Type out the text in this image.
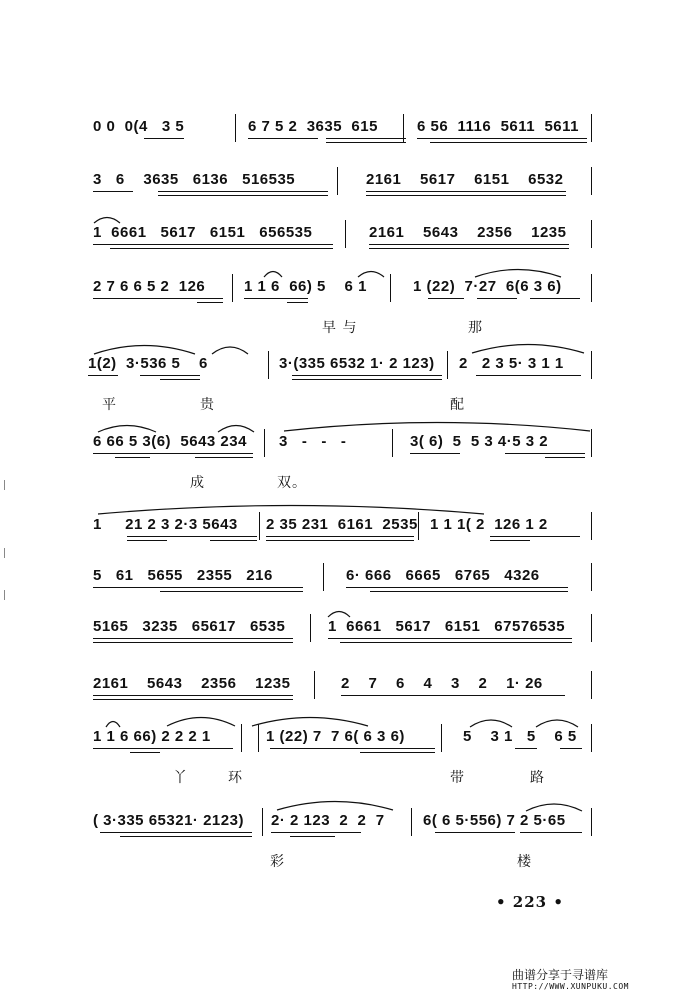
0 0  0(4   3 5	6 7 5 2  3635  615	6 56  1116  5611  5611
3   6    3635   6136   516535	2161    5617    6151    6532
1  6661   5617   6151   656535	2161    5643    2356    1235
2 7 6 6 5 2  126	1 1 6  66) 5    6 1	1 (22)  7·27  6(6 3 6)
早 与	那
1(2)  3·536 5    6	3·(335 6532 1· 2 123) 2   2 3 5· 3 1 1
平	贵	配
6 66 5 3(6)  5643 234 3   -   -   -	3( 6)  5  5 3 4·5 3 2
成	双。
1     21 2 3 2·3 5643 2 35 231  6161  2535 1 1 1( 2  126 1 2
5   61   5655   2355   216	6· 666   6665   6765   4326
5165   3235   65617   6535	1  6661   5617   6151   67576535
2161    5643    2356    1235	2    7    6    4    3    2    1· 26
1 1 6 66) 2 2 2 1	1 (22) 7  7 6( 6 3 6)	5    3 1   5    6 5
丫	环	带	路
( 3·335 65321· 2123) 2· 2 123  2  2  7	6( 6 5·556) 7 2 5·65
彩	楼
• 223 •
曲谱分享于寻谱库
HTTP://WWW.XUNPUKU.COM
